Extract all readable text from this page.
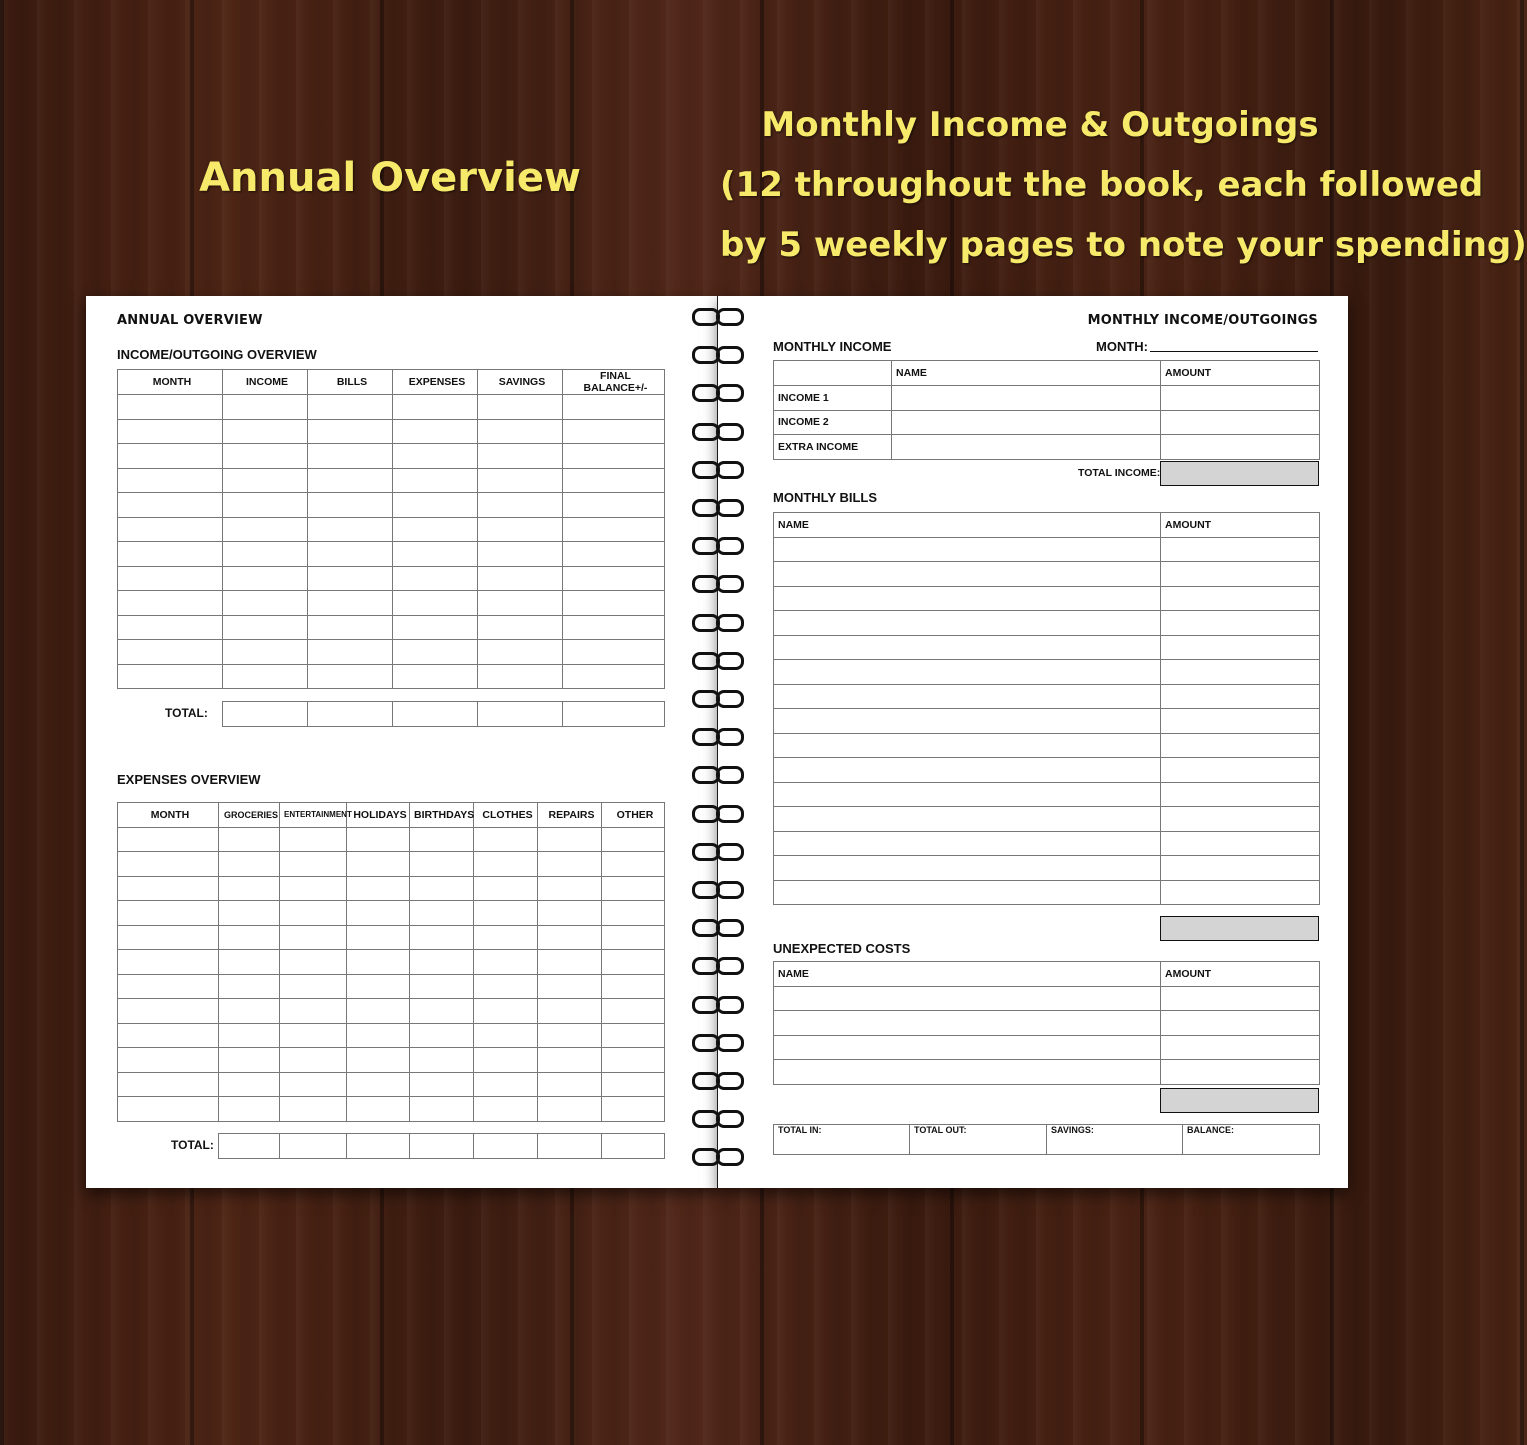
Annual Overview
Monthly Income & Outgoings
(12 throughout the book, each followed
by 5 weekly pages to note your spending)
ANNUAL OVERVIEW
INCOME/OUTGOING OVERVIEW
MONTH	INCOME	BILLS	EXPENSES	SAVINGS	FINAL BALANCE+/-

TOTAL:

EXPENSES OVERVIEW
MONTH	GROCERIES	ENTERTAINMENT	HOLIDAYS	BIRTHDAYS	CLOTHES	REPAIRS	OTHER

TOTAL:

MONTHLY INCOME/OUTGOINGS
MONTHLY INCOME	MONTH:
	NAME	AMOUNT
INCOME 1		
INCOME 2		
EXTRA INCOME		
TOTAL INCOME:
MONTHLY BILLS
NAME	AMOUNT

UNEXPECTED COSTS
NAME	AMOUNT

TOTAL IN:	TOTAL OUT:	SAVINGS:	BALANCE:
